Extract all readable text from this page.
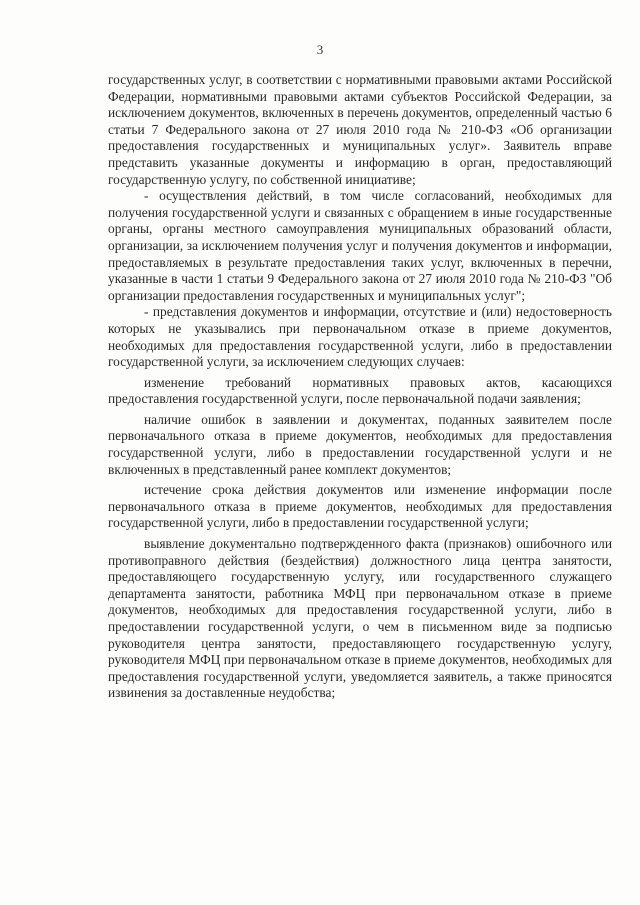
3

государственных услуг, в соответствии с нормативными правовыми актами Российской Федерации, нормативными правовыми актами субъектов Российской Федерации, за исключением документов, включенных в перечень документов, определенный частью 6 статьи 7 Федерального закона от 27 июля 2010 года № 210-ФЗ «Об организации предоставления государственных и муниципальных услуг». Заявитель вправе представить указанные документы и информацию в орган, предоставляющий государственную услугу, по собственной инициативе;

- осуществления действий, в том числе согласований, необходимых для получения государственной услуги и связанных с обращением в иные государственные органы, органы местного самоуправления муниципальных образований области, организации, за исключением получения услуг и получения документов и информации, предоставляемых в результате предоставления таких услуг, включенных в перечни, указанные в части 1 статьи 9 Федерального закона от 27 июля 2010 года № 210-ФЗ "Об организации предоставления государственных и муниципальных услуг";

- представления документов и информации, отсутствие и (или) недостоверность которых не указывались при первоначальном отказе в приеме документов, необходимых для предоставления государственной услуги, либо в предоставлении государственной услуги, за исключением следующих случаев:

изменение требований нормативных правовых актов, касающихся предоставления государственной услуги, после первоначальной подачи заявления;

наличие ошибок в заявлении и документах, поданных заявителем после первоначального отказа в приеме документов, необходимых для предоставления государственной услуги, либо в предоставлении государственной услуги и не включенных в представленный ранее комплект документов;

истечение срока действия документов или изменение информации после первоначального отказа в приеме документов, необходимых для предоставления государственной услуги, либо в предоставлении государственной услуги;

выявление документально подтвержденного факта (признаков) ошибочного или противоправного действия (бездействия) должностного лица центра занятости, предоставляющего государственную услугу, или государственного служащего департамента занятости, работника МФЦ при первоначальном отказе в приеме документов, необходимых для предоставления государственной услуги, либо в предоставлении государственной услуги, о чем в письменном виде за подписью руководителя центра занятости, предоставляющего государственную услугу, руководителя МФЦ при первоначальном отказе в приеме документов, необходимых для предоставления государственной услуги, уведомляется заявитель, а также приносятся извинения за доставленные неудобства;
